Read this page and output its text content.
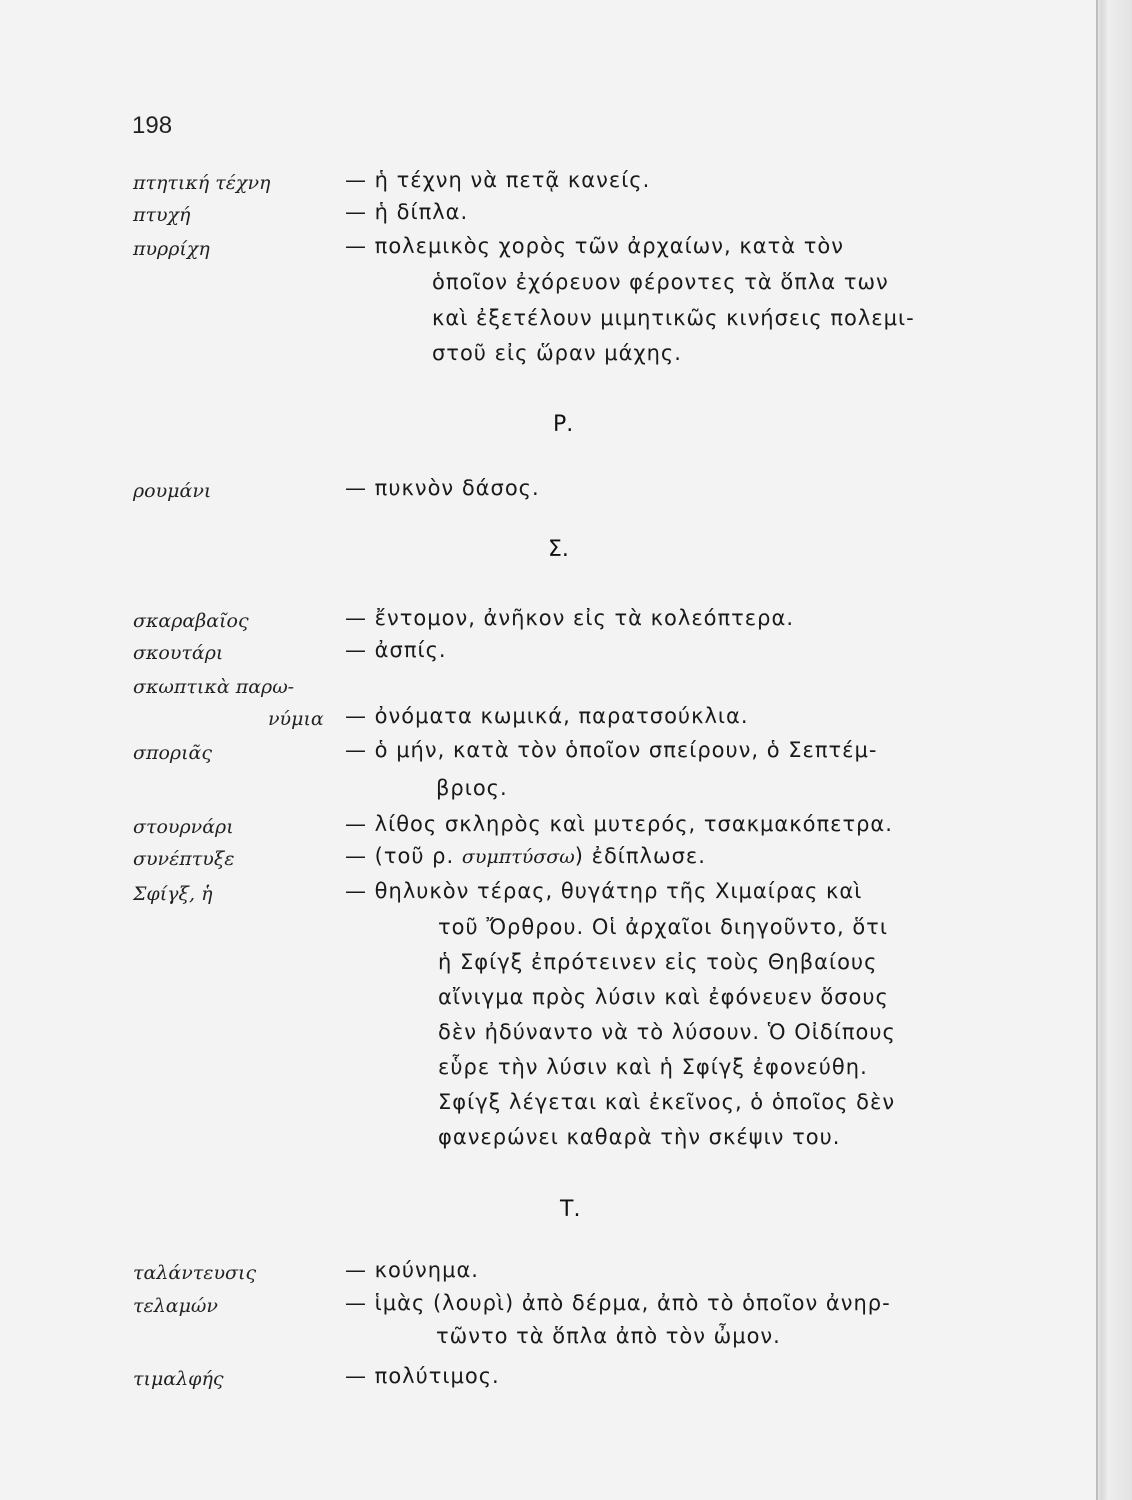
198
πτητική τέχνη	— ἡ τέχνη νὰ πετᾷ κανείς.
πτυχή	— ἡ δίπλα.
πυρρίχη	— πολεμικὸς χορὸς τῶν ἀρχαίων, κατὰ τὸν
ὁποῖον ἐχόρευον φέροντες τὰ ὅπλα των
καὶ ἐξετέλουν μιμητικῶς κινήσεις πολεμι-
στοῦ εἰς ὥραν μάχης.
Ρ.
ρουμάνι	— πυκνὸν δάσος.
Σ.
σκαραβαῖος	— ἔντομον, ἀνῆκον εἰς τὰ κολεόπτερα.
σκουτάρι	— ἀσπίς.
σκωπτικὰ παρω-
νύμια — ὀνόματα κωμικά, παρατσούκλια.
σποριᾶς	— ὁ μήν, κατὰ τὸν ὁποῖον σπείρουν, ὁ Σεπτέμ-
βριος.
στουρνάρι	— λίθος σκληρὸς καὶ μυτερός, τσακμακόπετρα.
συνέπτυξε	— (τοῦ ρ. συμπτύσσω) ἐδίπλωσε.
Σφίγξ, ἡ	— θηλυκὸν τέρας, θυγάτηρ τῆς Χιμαίρας καὶ
τοῦ Ὄρθρου. Οἱ ἀρχαῖοι διηγοῦντο, ὅτι
ἡ Σφίγξ ἐπρότεινεν εἰς τοὺς Θηβαίους
αἴνιγμα πρὸς λύσιν καὶ ἐφόνευεν ὅσους
δὲν ἠδύναντο νὰ τὸ λύσουν. Ὁ Οἰδίπους
εὗρε τὴν λύσιν καὶ ἡ Σφίγξ ἐφονεύθη.
Σφίγξ λέγεται καὶ ἐκεῖνος, ὁ ὁποῖος δὲν
φανερώνει καθαρὰ τὴν σκέψιν του.
Τ.
ταλάντευσις	— κούνημα.
τελαμών	— ἱμὰς (λουρὶ) ἀπὸ δέρμα, ἀπὸ τὸ ὁποῖον ἀνηρ-
τῶντο τὰ ὅπλα ἀπὸ τὸν ὦμον.
τιμαλφής	— πολύτιμος.
